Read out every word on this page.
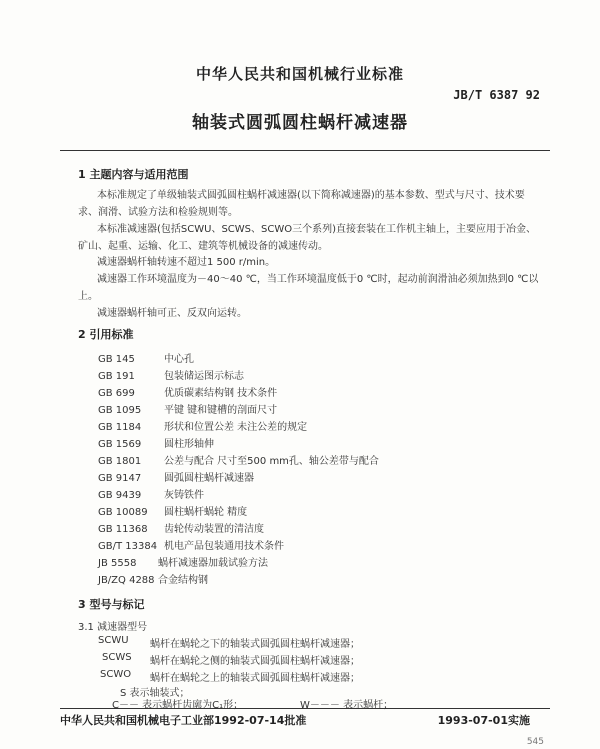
中华人民共和国机械行业标准
JB/T 6387 92
轴装式圆弧圆柱蜗杆减速器
1 主题内容与适用范围
本标准规定了单级轴装式圆弧圆柱蜗杆减速器(以下简称减速器)的基本参数、型式与尺寸、技术要
求、润滑、试验方法和检验规则等。
本标准减速器(包括SCWU、SCWS、SCWO三个系列)直接套装在工作机主轴上，主要应用于冶金、
矿山、起重、运输、化工、建筑等机械设备的减速传动。
减速器蜗杆轴转速不超过1 500 r/min。
减速器工作环境温度为－40～40 ℃，当工作环境温度低于0 ℃时，起动前润滑油必须加热到0 ℃以
上。
减速器蜗杆轴可正、反双向运转。
2 引用标准
GB 145	中心孔
GB 191	包装储运图示标志
GB 699	优质碳素结构钢 技术条件
GB 1095 平键 键和键槽的剖面尺寸
GB 1184 形状和位置公差 未注公差的规定
GB 1569 圆柱形轴伸
GB 1801 公差与配合 尺寸至500 mm孔、轴公差带与配合
GB 9147 圆弧圆柱蜗杆减速器
GB 9439 灰铸铁件
GB 10089 圆柱蜗杆蜗轮 精度
GB 11368 齿轮传动装置的清洁度
GB/T 13384 机电产品包装通用技术条件
JB 5558 蜗杆减速器加载试验方法
JB/ZQ 4288 合金结构钢
3 型号与标记
3.1 减速器型号
SCWU 蜗杆在蜗轮之下的轴装式圆弧圆柱蜗杆减速器；
SCWS 蜗杆在蜗轮之侧的轴装式圆弧圆柱蜗杆减速器；
SCWO 蜗杆在蜗轮之上的轴装式圆弧圆柱蜗杆减速器；
S 表示轴装式；
C－－ 表示蜗杆齿廓为C₁形；
中华人民共和国机械电子工业部1992-07-14批准	1993-07-01实施
545
W－－－ 表示蜗杆；
